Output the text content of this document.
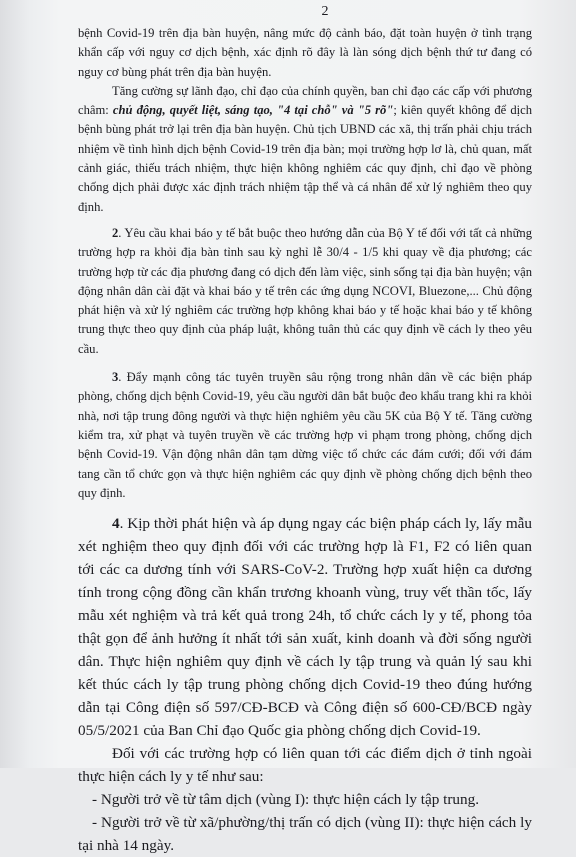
2

bệnh Covid-19 trên địa bàn huyện, nâng mức độ cảnh báo, đặt toàn huyện ở tình trạng khẩn cấp với nguy cơ dịch bệnh, xác định rõ đây là làn sóng dịch bệnh thứ tư đang có nguy cơ bùng phát trên địa bàn huyện.

Tăng cường sự lãnh đạo, chỉ đạo của chính quyền, ban chỉ đạo các cấp với phương châm: chủ động, quyết liệt, sáng tạo, "4 tại chỗ" và "5 rõ"; kiên quyết không để dịch bệnh bùng phát trở lại trên địa bàn huyện. Chủ tịch UBND các xã, thị trấn phải chịu trách nhiệm về tình hình dịch bệnh Covid-19 trên địa bàn; mọi trường hợp lơ là, chủ quan, mất cảnh giác, thiếu trách nhiệm, thực hiện không nghiêm các quy định, chỉ đạo về phòng chống dịch phải được xác định trách nhiệm tập thể và cá nhân để xử lý nghiêm theo quy định.

2. Yêu cầu khai báo y tế bắt buộc theo hướng dẫn của Bộ Y tế đối với tất cả những trường hợp ra khỏi địa bàn tỉnh sau kỳ nghỉ lễ 30/4 - 1/5 khi quay về địa phương; các trường hợp từ các địa phương đang có dịch đến làm việc, sinh sống tại địa bàn huyện; vận động nhân dân cài đặt và khai báo y tế trên các ứng dụng NCOVI, Bluezone,... Chủ động phát hiện và xử lý nghiêm các trường hợp không khai báo y tế hoặc khai báo y tế không trung thực theo quy định của pháp luật, không tuân thủ các quy định về cách ly theo yêu cầu.

3. Đẩy mạnh công tác tuyên truyền sâu rộng trong nhân dân về các biện pháp phòng, chống dịch bệnh Covid-19, yêu cầu người dân bắt buộc đeo khẩu trang khi ra khỏi nhà, nơi tập trung đông người và thực hiện nghiêm yêu cầu 5K của Bộ Y tế. Tăng cường kiểm tra, xử phạt và tuyên truyền về các trường hợp vi phạm trong phòng, chống dịch bệnh Covid-19. Vận động nhân dân tạm dừng việc tổ chức các đám cưới; đối với đám tang cần tổ chức gọn và thực hiện nghiêm các quy định về phòng chống dịch bệnh theo quy định.

4. Kịp thời phát hiện và áp dụng ngay các biện pháp cách ly, lấy mẫu xét nghiệm theo quy định đối với các trường hợp là F1, F2 có liên quan tới các ca dương tính với SARS-CoV-2. Trường hợp xuất hiện ca dương tính trong cộng đồng cần khẩn trương khoanh vùng, truy vết thần tốc, lấy mẫu xét nghiệm và trả kết quả trong 24h, tổ chức cách ly y tế, phong tỏa thật gọn để ảnh hưởng ít nhất tới sản xuất, kinh doanh và đời sống người dân. Thực hiện nghiêm quy định về cách ly tập trung và quản lý sau khi kết thúc cách ly tập trung phòng chống dịch Covid-19 theo đúng hướng dẫn tại Công điện số 597/CĐ-BCĐ và Công điện số 600-CĐ/BCĐ ngày 05/5/2021 của Ban Chỉ đạo Quốc gia phòng chống dịch Covid-19.

Đối với các trường hợp có liên quan tới các điểm dịch ở tỉnh ngoài thực hiện cách ly y tế như sau:

- Người trở về từ tâm dịch (vùng I): thực hiện cách ly tập trung.

- Người trở về từ xã/phường/thị trấn có dịch (vùng II): thực hiện cách ly tại nhà 14 ngày.
